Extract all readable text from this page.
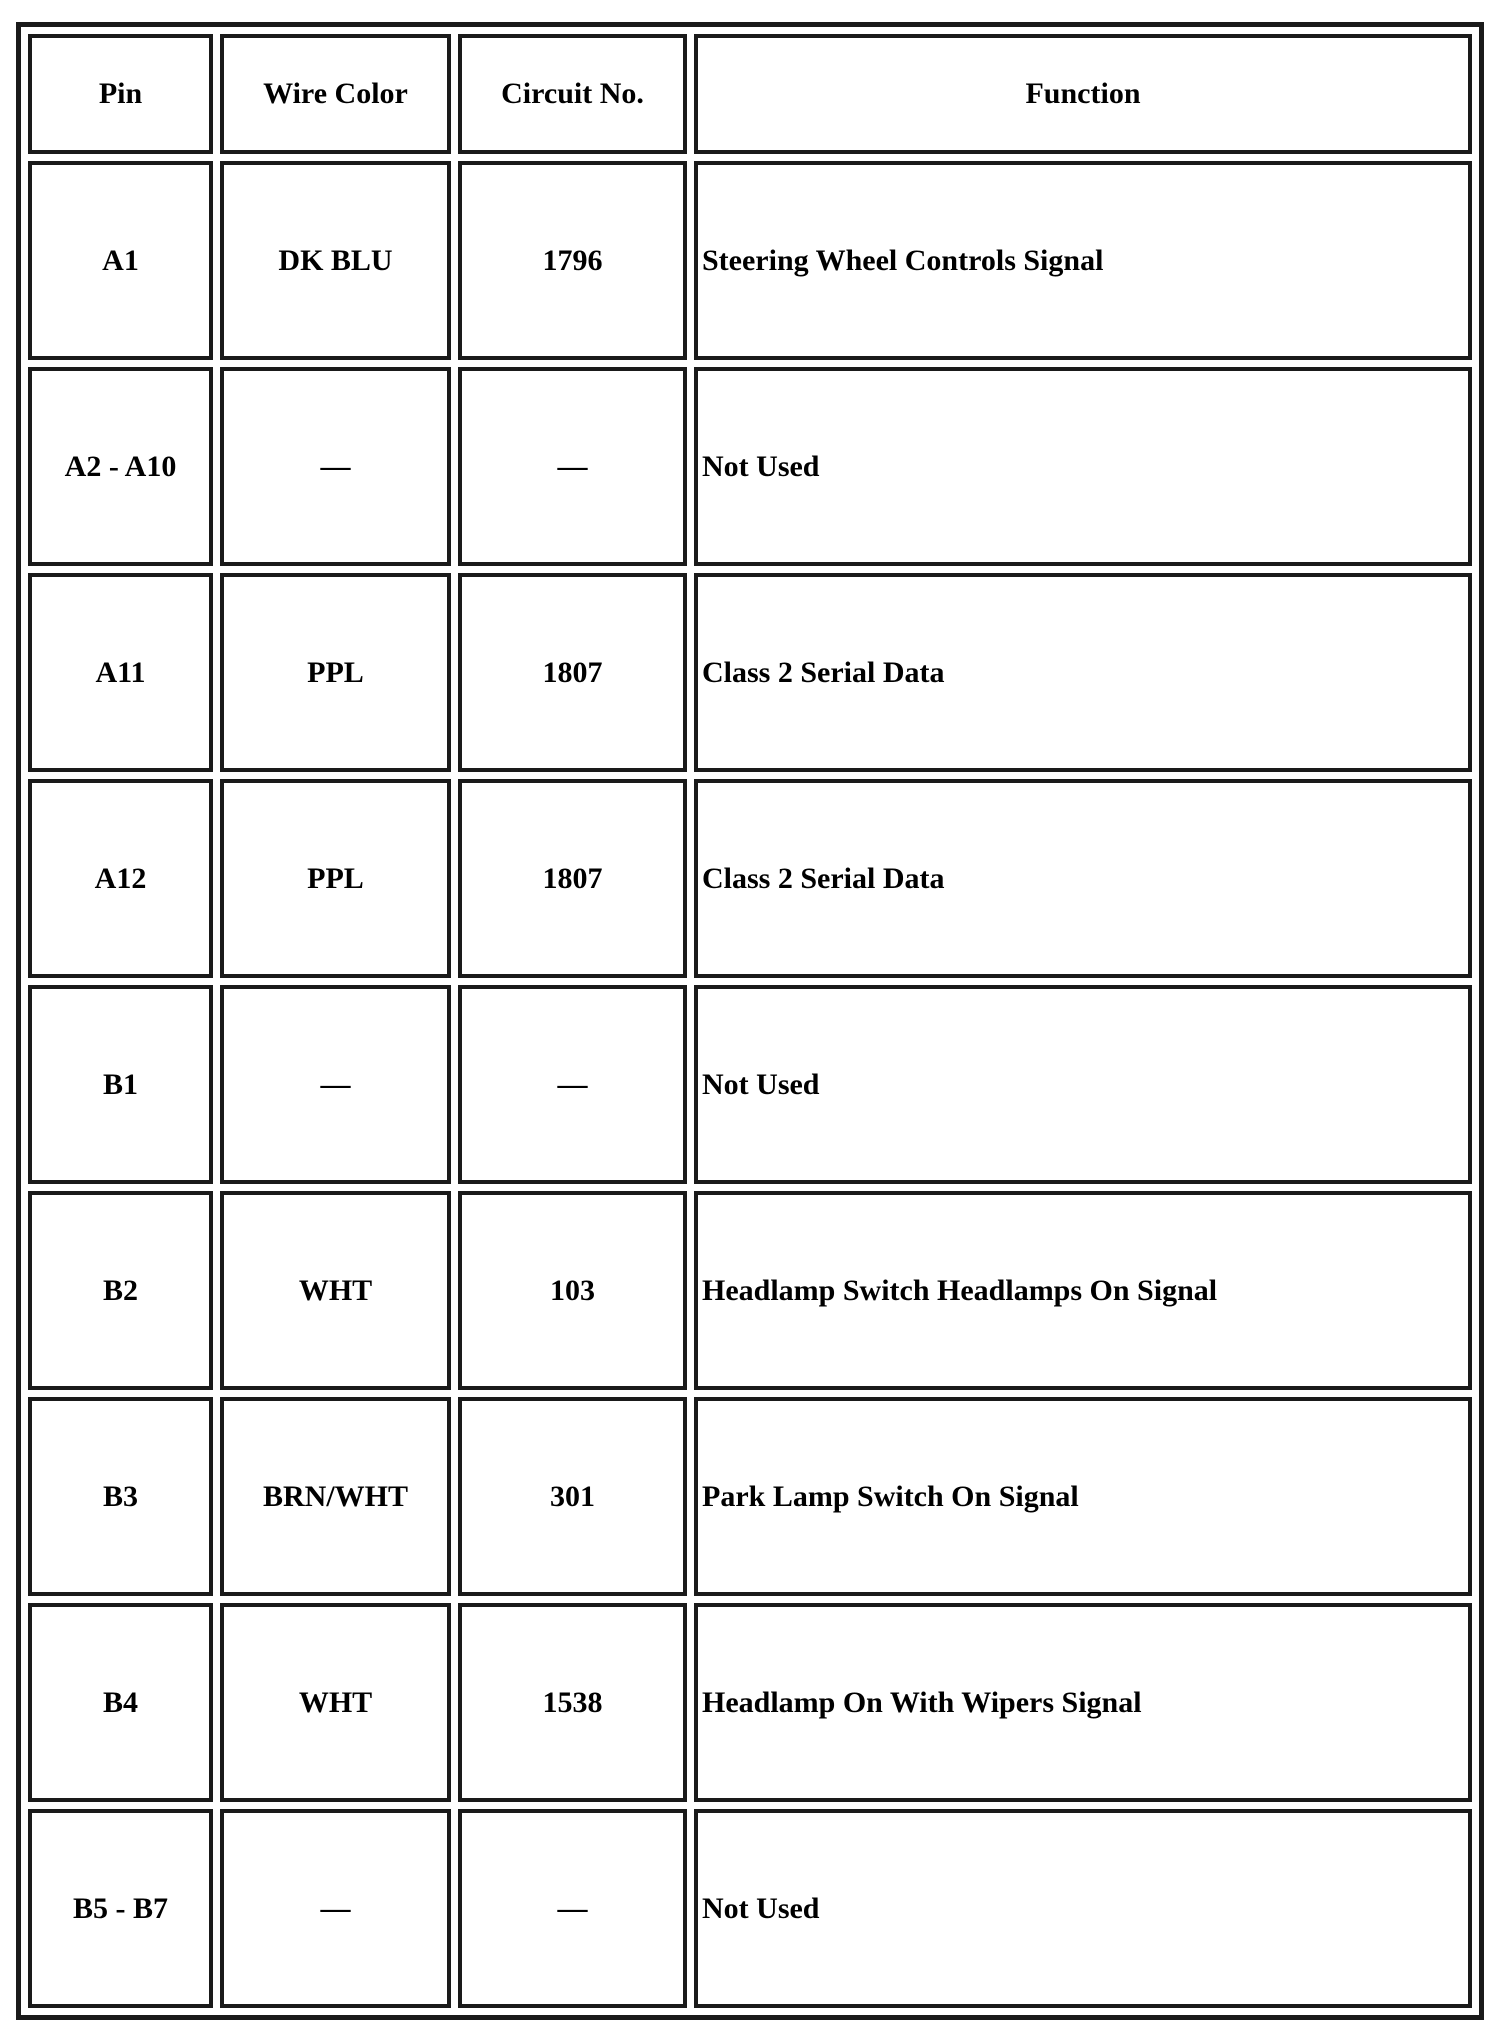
Pin	Wire Color	Circuit No.	Function
A1	DK BLU	1796	Steering Wheel Controls Signal
A2 - A10	—	—	Not Used
A11	PPL	1807	Class 2 Serial Data
A12	PPL	1807	Class 2 Serial Data
B1	—	—	Not Used
B2	WHT	103	Headlamp Switch Headlamps On Signal
B3	BRN/WHT	301	Park Lamp Switch On Signal
B4	WHT	1538	Headlamp On With Wipers Signal
B5 - B7	—	—	Not Used
